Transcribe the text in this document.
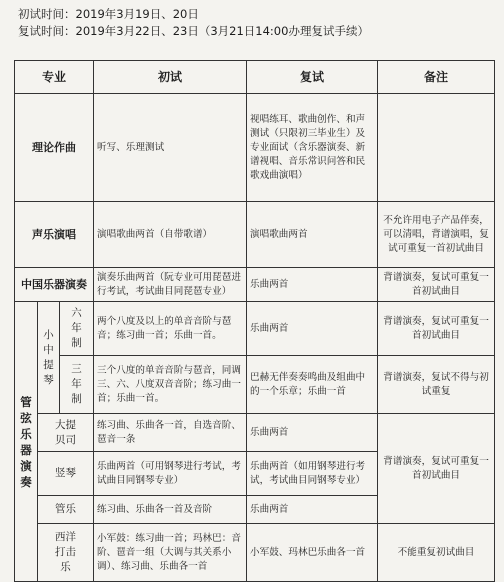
初试时间：2019年3月19日、20日
复试时间：2019年3月22日、23日（3月21日14:00办理复试手续）
专业			初试	复试	备注
理论作曲			听写、乐理测试	视唱练耳、歌曲创作、和声测试（只限初三毕业生）及专业面试（含乐器演奏、新谱视唱、音乐常识问答和民歌戏曲演唱）	
声乐演唱			演唱歌曲两首（自带歌谱）	演唱歌曲两首	不允许用电子产品伴奏，可以清唱，背谱演唱，复试可重复一首初试曲目
中国乐器演奏			演奏乐曲两首（阮专业可用琵琶进行考试，考试曲目同琵琶专业）	乐曲两首	背谱演奏，复试可重复一首初试曲目
管弦乐器演奏	小中提琴	六年制	两个八度及以上的单音音阶与琶音；练习曲一首；乐曲一首。	乐曲两首	背谱演奏，复试可重复一首初试曲目
		三年制	三个八度的单音音阶与琶音，同调三、六、八度双音音阶；练习曲一首；乐曲一首。	巴赫无伴奏奏鸣曲及组曲中的一个乐章；乐曲一首	背谱演奏，复试不得与初试重复
	大提贝司		练习曲、乐曲各一首，自选音阶、琶音一条	乐曲两首	背谱演奏，复试可重复一首初试曲目
	竖琴		乐曲两首（可用钢琴进行考试，考试曲目同钢琴专业）	乐曲两首（如用钢琴进行考试，考试曲目同钢琴专业）	
	管乐		练习曲、乐曲各一首及音阶	乐曲两首	
	西洋打击乐		小军鼓：练习曲一首；玛林巴：音阶、琶音一组（大调与其关系小调）、练习曲、乐曲各一首	小军鼓、玛林巴乐曲各一首	不能重复初试曲目
